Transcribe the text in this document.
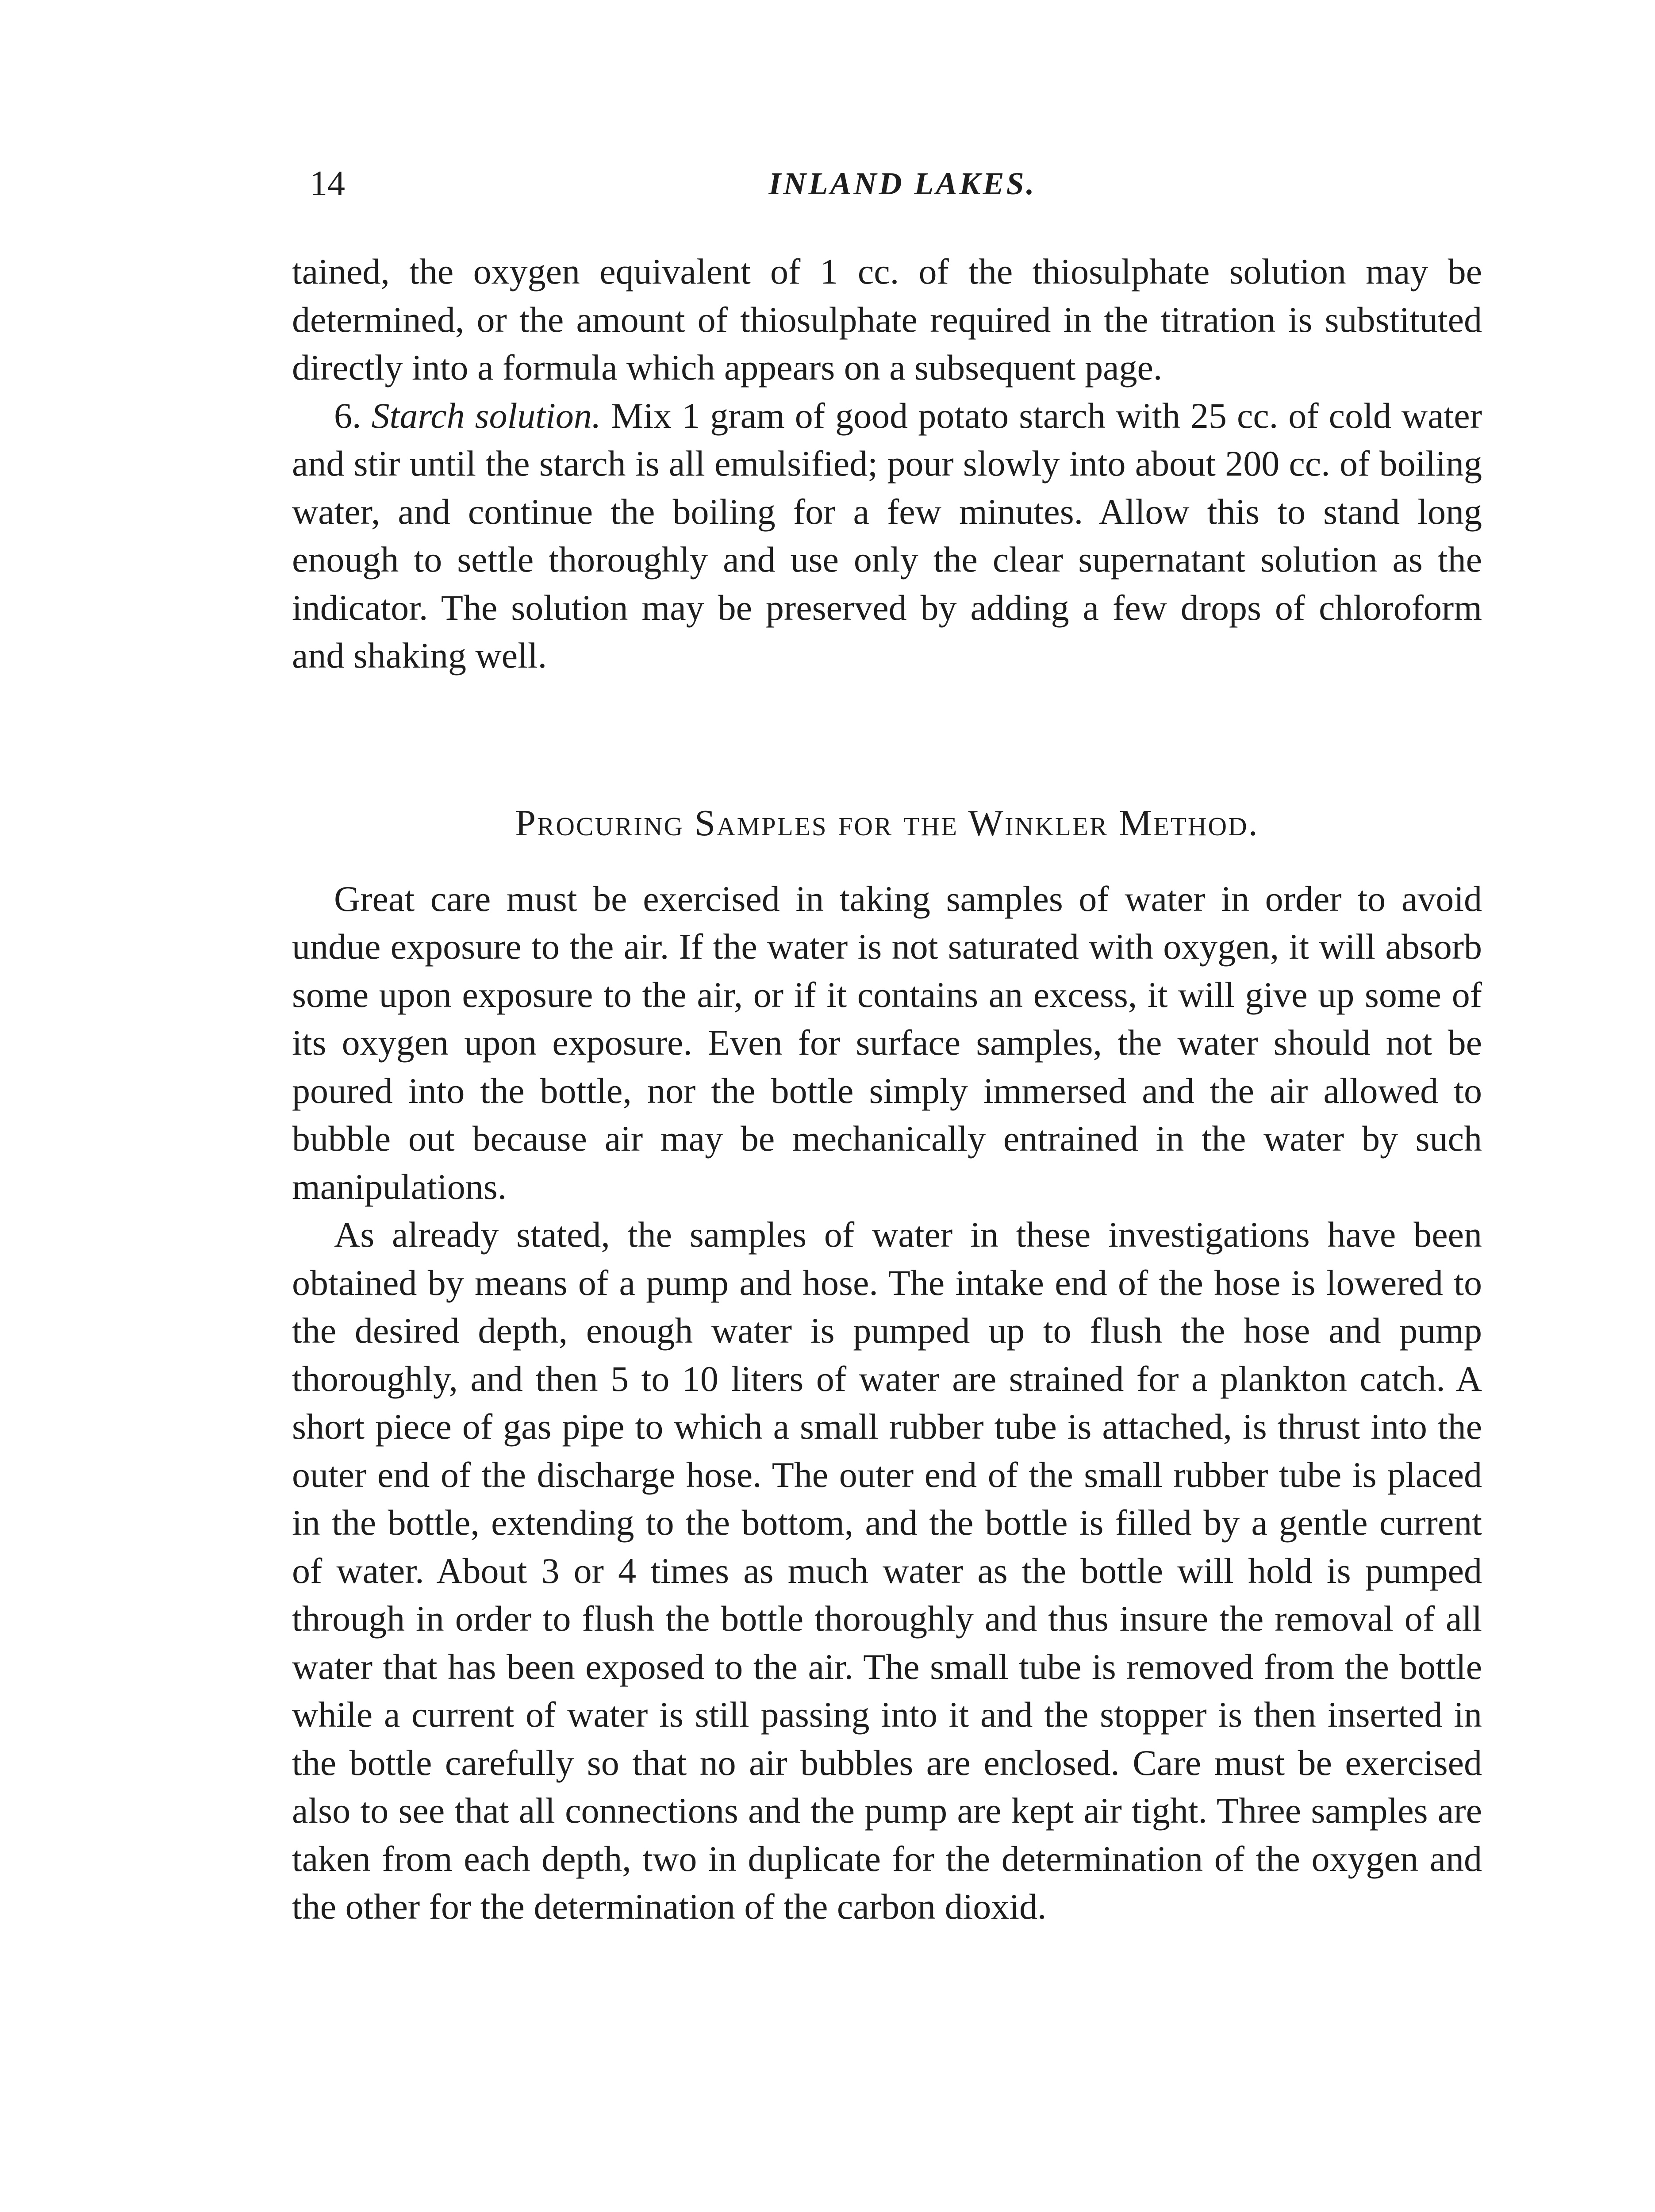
14	INLAND LAKES.

tained, the oxygen equivalent of 1 cc. of the thiosulphate solution may be determined, or the amount of thiosulphate required in the titration is substituted directly into a formula which appears on a subsequent page.

6. Starch solution. Mix 1 gram of good potato starch with 25 cc. of cold water and stir until the starch is all emulsified; pour slowly into about 200 cc. of boiling water, and continue the boiling for a few minutes. Allow this to stand long enough to settle thoroughly and use only the clear supernatant solution as the indicator. The solution may be preserved by adding a few drops of chloroform and shaking well.

Procuring Samples for the Winkler Method.

Great care must be exercised in taking samples of water in order to avoid undue exposure to the air. If the water is not saturated with oxygen, it will absorb some upon exposure to the air, or if it contains an excess, it will give up some of its oxygen upon exposure. Even for surface samples, the water should not be poured into the bottle, nor the bottle simply immersed and the air allowed to bubble out because air may be mechanically entrained in the water by such manipulations.

As already stated, the samples of water in these investigations have been obtained by means of a pump and hose. The intake end of the hose is lowered to the desired depth, enough water is pumped up to flush the hose and pump thoroughly, and then 5 to 10 liters of water are strained for a plankton catch. A short piece of gas pipe to which a small rubber tube is attached, is thrust into the outer end of the discharge hose. The outer end of the small rubber tube is placed in the bottle, extending to the bottom, and the bottle is filled by a gentle current of water. About 3 or 4 times as much water as the bottle will hold is pumped through in order to flush the bottle thoroughly and thus insure the removal of all water that has been exposed to the air. The small tube is removed from the bottle while a current of water is still passing into it and the stopper is then inserted in the bottle carefully so that no air bubbles are enclosed. Care must be exercised also to see that all connections and the pump are kept air tight. Three samples are taken from each depth, two in duplicate for the determination of the oxygen and the other for the determination of the carbon dioxid.
